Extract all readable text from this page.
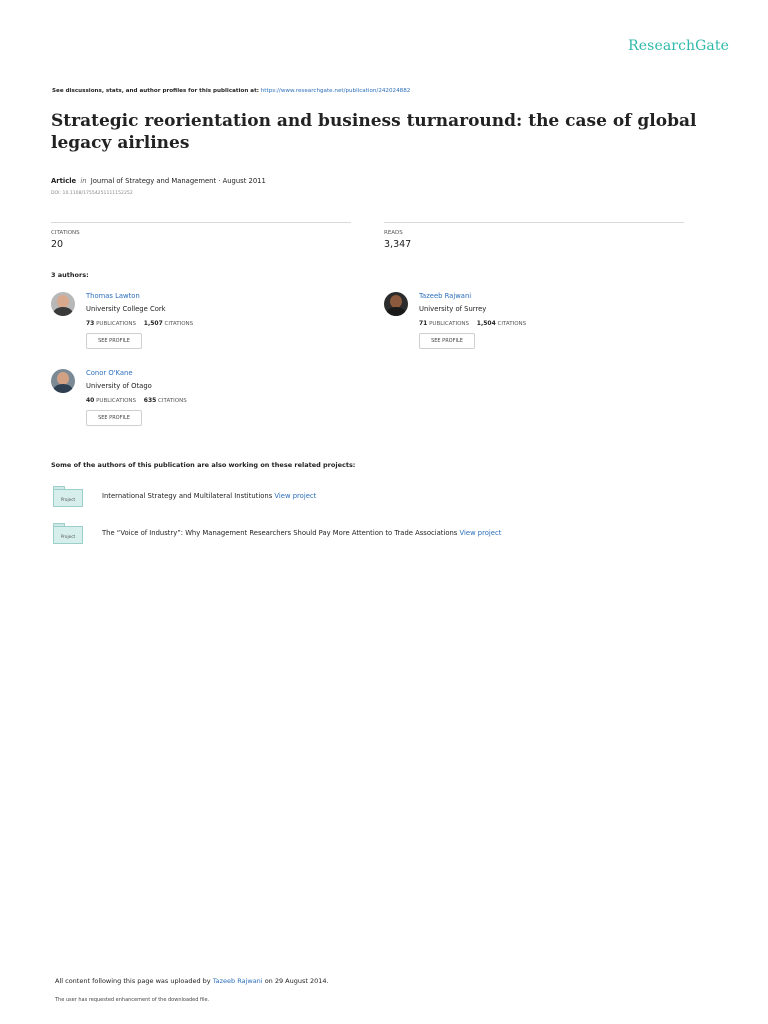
ResearchGate
See discussions, stats, and author profiles for this publication at: https://www.researchgate.net/publication/242024882
Strategic reorientation and business turnaround: the case of global legacy airlines
Article in Journal of Strategy and Management · August 2011
DOI: 10.1108/17554251111152252
CITATIONS
20
READS
3,347
3 authors:
Thomas Lawton
University College Cork
73 PUBLICATIONS 1,507 CITATIONS
SEE PROFILE
Tazeeb Rajwani
University of Surrey
71 PUBLICATIONS 1,504 CITATIONS
SEE PROFILE
Conor O'Kane
University of Otago
40 PUBLICATIONS 635 CITATIONS
SEE PROFILE
Some of the authors of this publication are also working on these related projects:
Project	International Strategy and Multilateral Institutions View project
Project	The “Voice of Industry”: Why Management Researchers Should Pay More Attention to Trade Associations View project
All content following this page was uploaded by Tazeeb Rajwani on 29 August 2014.
The user has requested enhancement of the downloaded file.
